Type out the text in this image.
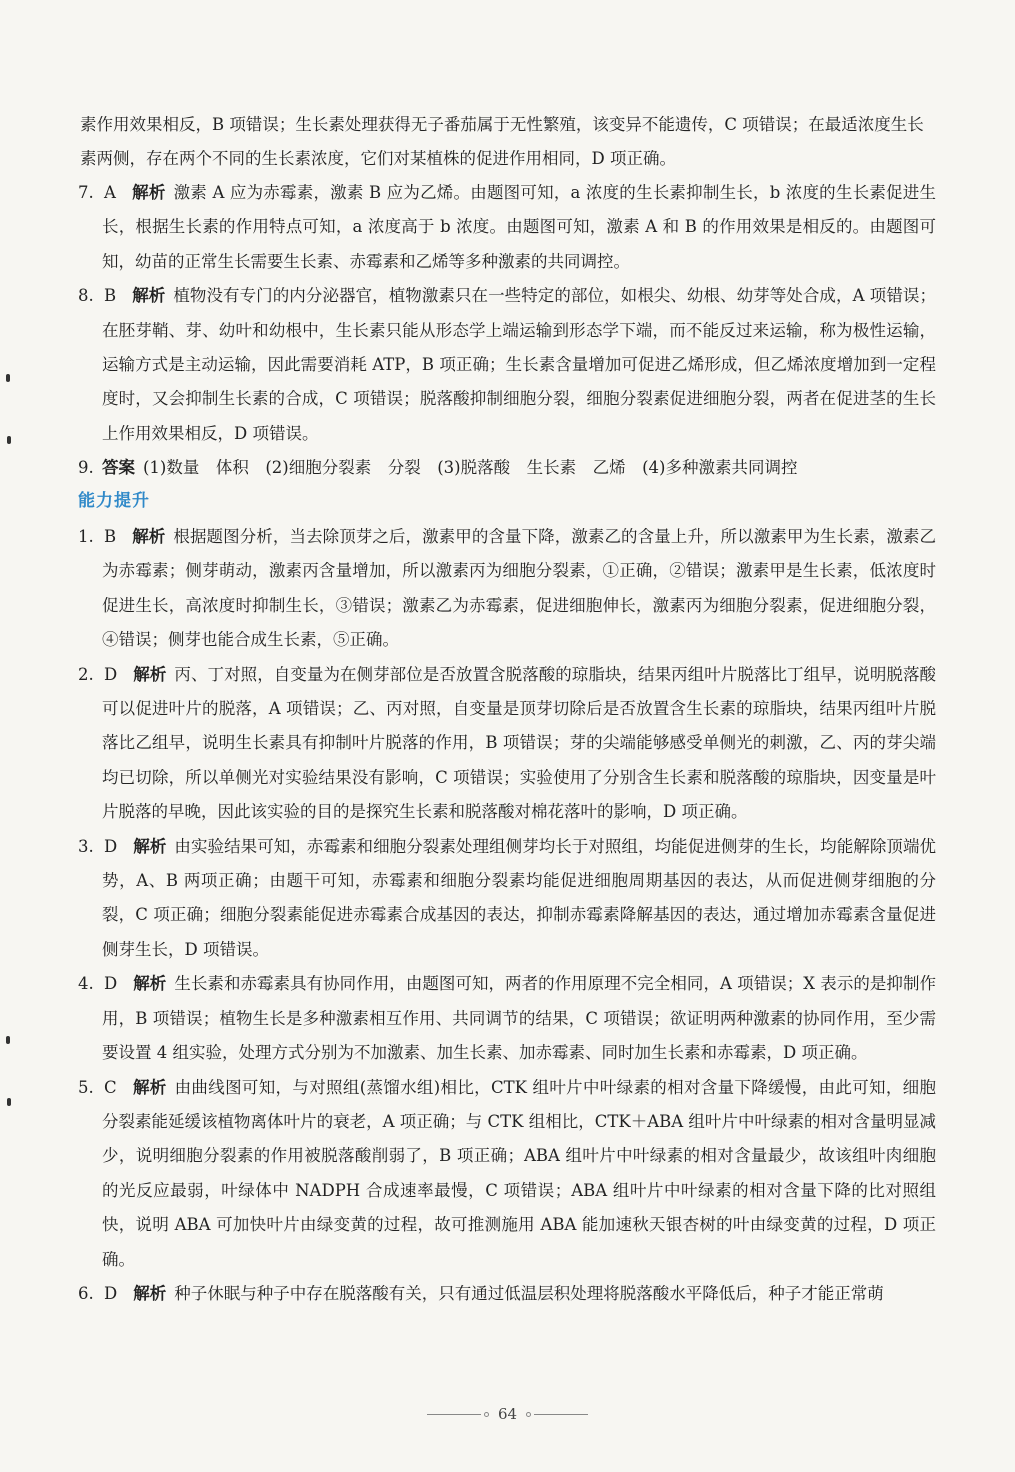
素作用效果相反，B 项错误；生长素处理获得无子番茄属于无性繁殖，该变异不能遗传，C 项错误；在最适浓度生长素两侧，存在两个不同的生长素浓度，它们对某植株的促进作用相同，D 项正确。
7. A 解析 激素 A 应为赤霉素，激素 B 应为乙烯。由题图可知，a 浓度的生长素抑制生长，b 浓度的生长素促进生长，根据生长素的作用特点可知，a 浓度高于 b 浓度。由题图可知，激素 A 和 B 的作用效果是相反的。由题图可知，幼苗的正常生长需要生长素、赤霉素和乙烯等多种激素的共同调控。
8. B 解析 植物没有专门的内分泌器官，植物激素只在一些特定的部位，如根尖、幼根、幼芽等处合成，A 项错误；在胚芽鞘、芽、幼叶和幼根中，生长素只能从形态学上端运输到形态学下端，而不能反过来运输，称为极性运输，运输方式是主动运输，因此需要消耗 ATP，B 项正确；生长素含量增加可促进乙烯形成，但乙烯浓度增加到一定程度时，又会抑制生长素的合成，C 项错误；脱落酸抑制细胞分裂，细胞分裂素促进细胞分裂，两者在促进茎的生长上作用效果相反，D 项错误。
9. 答案 (1)数量　体积　(2)细胞分裂素　分裂　(3)脱落酸　生长素　乙烯　(4)多种激素共同调控
能力提升
1. B 解析 根据题图分析，当去除顶芽之后，激素甲的含量下降，激素乙的含量上升，所以激素甲为生长素，激素乙为赤霉素；侧芽萌动，激素丙含量增加，所以激素丙为细胞分裂素，①正确，②错误；激素甲是生长素，低浓度时促进生长，高浓度时抑制生长，③错误；激素乙为赤霉素，促进细胞伸长，激素丙为细胞分裂素，促进细胞分裂，④错误；侧芽也能合成生长素，⑤正确。
2. D 解析 丙、丁对照，自变量为在侧芽部位是否放置含脱落酸的琼脂块，结果丙组叶片脱落比丁组早，说明脱落酸可以促进叶片的脱落，A 项错误；乙、丙对照，自变量是顶芽切除后是否放置含生长素的琼脂块，结果丙组叶片脱落比乙组早，说明生长素具有抑制叶片脱落的作用，B 项错误；芽的尖端能够感受单侧光的刺激，乙、丙的芽尖端均已切除，所以单侧光对实验结果没有影响，C 项错误；实验使用了分别含生长素和脱落酸的琼脂块，因变量是叶片脱落的早晚，因此该实验的目的是探究生长素和脱落酸对棉花落叶的影响，D 项正确。
3. D 解析 由实验结果可知，赤霉素和细胞分裂素处理组侧芽均长于对照组，均能促进侧芽的生长，均能解除顶端优势，A、B 两项正确；由题干可知，赤霉素和细胞分裂素均能促进细胞周期基因的表达，从而促进侧芽细胞的分裂，C 项正确；细胞分裂素能促进赤霉素合成基因的表达，抑制赤霉素降解基因的表达，通过增加赤霉素含量促进侧芽生长，D 项错误。
4. D 解析 生长素和赤霉素具有协同作用，由题图可知，两者的作用原理不完全相同，A 项错误；X 表示的是抑制作用，B 项错误；植物生长是多种激素相互作用、共同调节的结果，C 项错误；欲证明两种激素的协同作用，至少需要设置 4 组实验，处理方式分别为不加激素、加生长素、加赤霉素、同时加生长素和赤霉素，D 项正确。
5. C 解析 由曲线图可知，与对照组(蒸馏水组)相比，CTK 组叶片中叶绿素的相对含量下降缓慢，由此可知，细胞分裂素能延缓该植物离体叶片的衰老，A 项正确；与 CTK 组相比，CTK＋ABA 组叶片中叶绿素的相对含量明显减少，说明细胞分裂素的作用被脱落酸削弱了，B 项正确；ABA 组叶片中叶绿素的相对含量最少，故该组叶肉细胞的光反应最弱，叶绿体中 NADPH 合成速率最慢，C 项错误；ABA 组叶片中叶绿素的相对含量下降的比对照组快，说明 ABA 可加快叶片由绿变黄的过程，故可推测施用 ABA 能加速秋天银杏树的叶由绿变黄的过程，D 项正确。
6. D 解析 种子休眠与种子中存在脱落酸有关，只有通过低温层积处理将脱落酸水平降低后，种子才能正常萌
64
